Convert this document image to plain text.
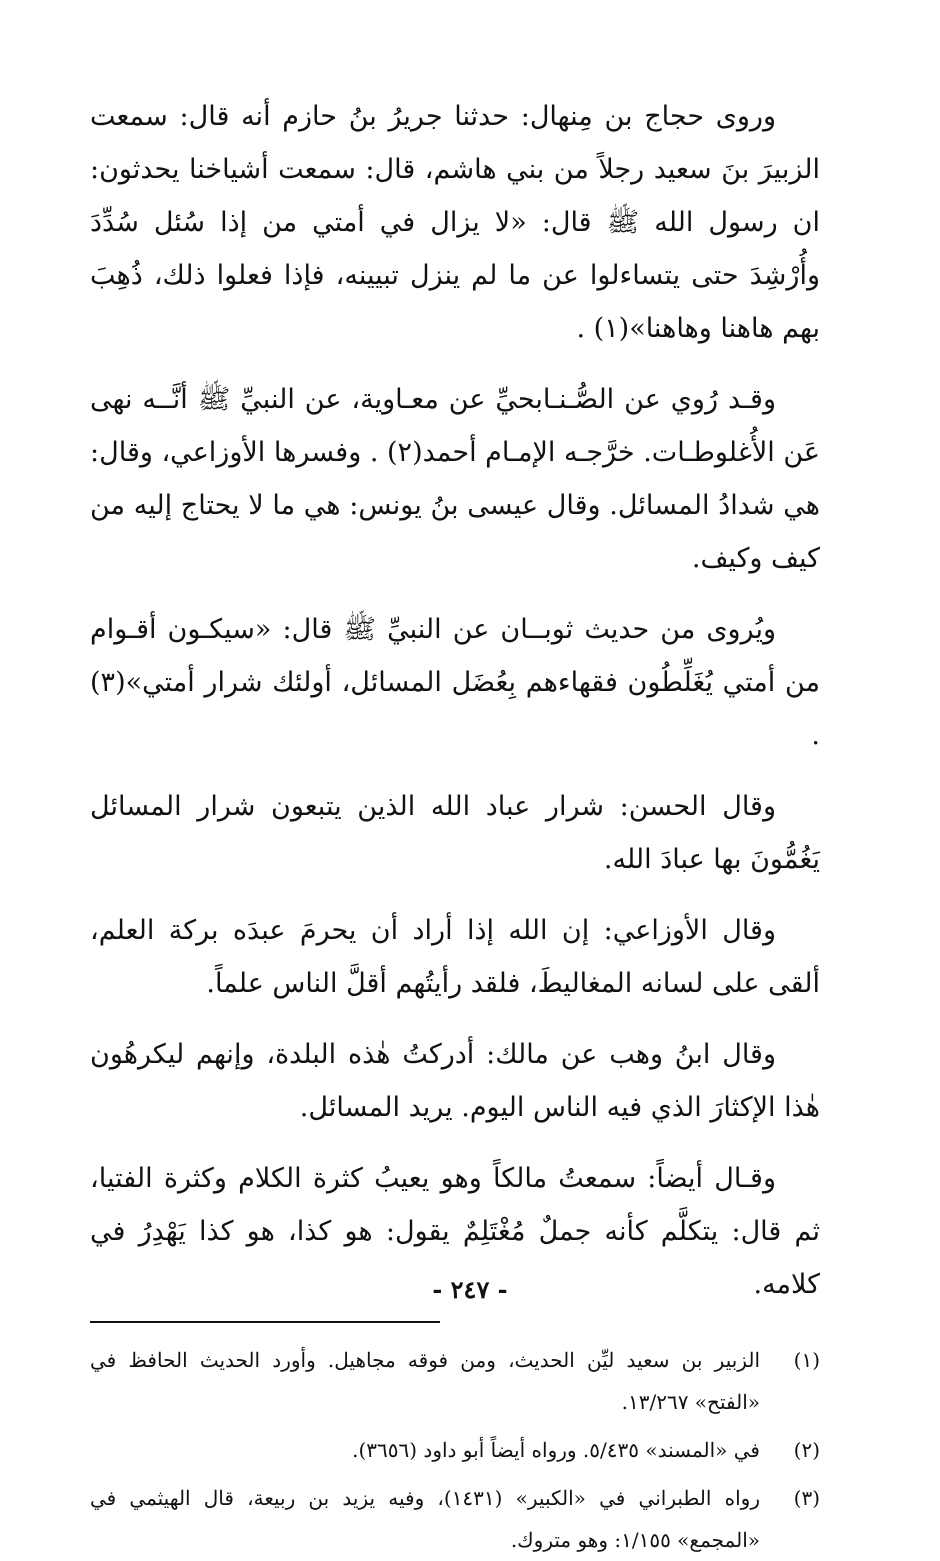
وروى حجاج بن مِنهال: حدثنا جريرُ بنُ حازم أنه قال: سمعت الزبيرَ بنَ سعيد رجلاً من بني هاشم، قال: سمعت أشياخنا يحدثون: ان رسول الله ﷺ قال: «لا يزال في أمتي من إذا سُئل سُدِّدَ وأُرْشِدَ حتى يتساءلوا عن ما لم ينزل تبيينه، فإذا فعلوا ذلك، ذُهِبَ بهم هاهنا وهاهنا»(١) .

وقـد رُوي عن الصُّـنـابحيِّ عن معـاوية، عن النبيِّ ﷺ أنَّــه نهى عَن الأُغلوطـات. خرَّجـه الإمـام أحمد(٢) . وفسرها الأوزاعي، وقال: هي شدادُ المسائل. وقال عيسى بنُ يونس: هي ما لا يحتاج إليه من كيف وكيف.

ويُروى من حديث ثوبــان عن النبيِّ ﷺ قال: «سيكـون أقـوام من أمتي يُغَلِّطُون فقهاءهم بِعُضَل المسائل، أولئك شرار أمتي»(٣) .

وقال الحسن: شرار عباد الله الذين يتبعون شرار المسائل يَغُمُّونَ بها عبادَ الله.

وقال الأوزاعي: إن الله إذا أراد أن يحرمَ عبدَه بركة العلم، ألقى على لسانه المغاليطَ، فلقد رأيتُهم أقلَّ الناس علماً.

وقال ابنُ وهب عن مالك: أدركتُ هٰذه البلدة، وإنهم ليكرهُون هٰذا الإكثارَ الذي فيه الناس اليوم. يريد المسائل.

وقـال أيضاً: سمعتُ مالكاً وهو يعيبُ كثرة الكلام وكثرة الفتيا، ثم قال: يتكلَّم كأنه جملٌ مُغْتَلِمٌ يقول: هو كذا، هو كذا يَهْدِرُ في كلامه.

(١)
الزبير بن سعيد ليِّن الحديث، ومن فوقه مجاهيل. وأورد الحديث الحافظ في «الفتح» ١٣/٢٦٧.
(٢)
في «المسند» ٥/٤٣٥. ورواه أيضاً أبو داود (٣٦٥٦).
(٣)
رواه الطبراني في «الكبير» (١٤٣١)، وفيه يزيد بن ربيعة، قال الهيثمي في «المجمع» ١/١٥٥: وهو متروك.
- ٢٤٧ -
